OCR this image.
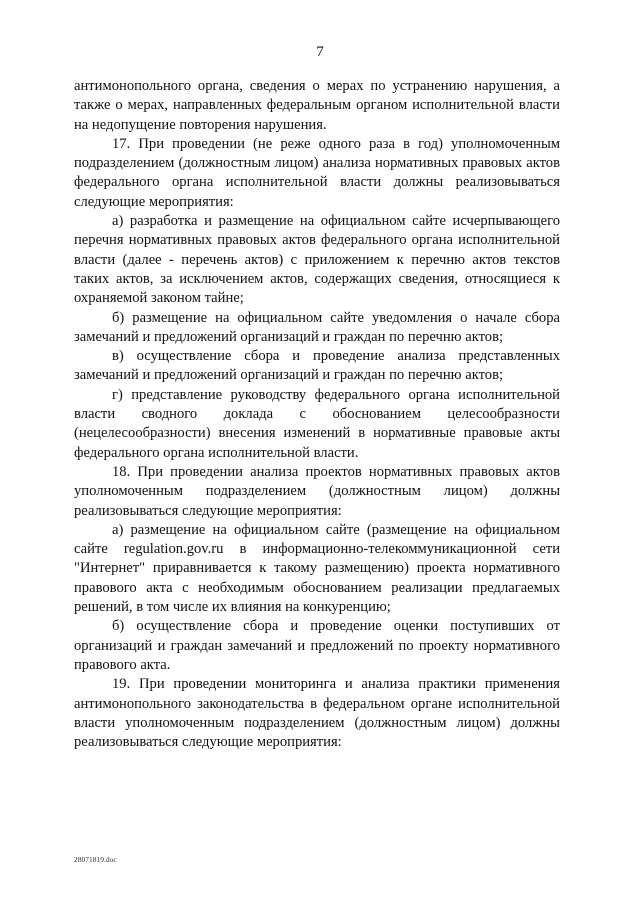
7

антимонопольного органа, сведения о мерах по устранению нарушения, а также о мерах, направленных федеральным органом исполнительной власти на недопущение повторения нарушения.

17. При проведении (не реже одного раза в год) уполномоченным подразделением (должностным лицом) анализа нормативных правовых актов федерального органа исполнительной власти должны реализовываться следующие мероприятия:

а) разработка и размещение на официальном сайте исчерпывающего перечня нормативных правовых актов федерального органа исполнительной власти (далее - перечень актов) с приложением к перечню актов текстов таких актов, за исключением актов, содержащих сведения, относящиеся к охраняемой законом тайне;

б) размещение на официальном сайте уведомления о начале сбора замечаний и предложений организаций и граждан по перечню актов;

в) осуществление сбора и проведение анализа представленных замечаний и предложений организаций и граждан по перечню актов;

г) представление руководству федерального органа исполнительной власти сводного доклада с обоснованием целесообразности (нецелесообразности) внесения изменений в нормативные правовые акты федерального органа исполнительной власти.

18. При проведении анализа проектов нормативных правовых актов уполномоченным подразделением (должностным лицом) должны реализовываться следующие мероприятия:

а) размещение на официальном сайте (размещение на официальном сайте regulation.gov.ru в информационно-телекоммуникационной сети "Интернет" приравнивается к такому размещению) проекта нормативного правового акта с необходимым обоснованием реализации предлагаемых решений, в том числе их влияния на конкуренцию;

б) осуществление сбора и проведение оценки поступивших от организаций и граждан замечаний и предложений по проекту нормативного правового акта.

19. При проведении мониторинга и анализа практики применения антимонопольного законодательства в федеральном органе исполнительной власти уполномоченным подразделением (должностным лицом) должны реализовываться следующие мероприятия:

28071819.doc
